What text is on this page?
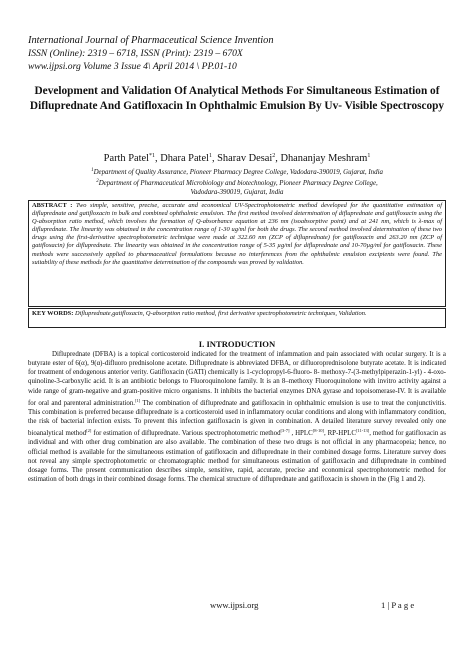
International Journal of Pharmaceutical Science Invention
ISSN (Online): 2319 – 6718, ISSN (Print): 2319 – 670X
www.ijpsi.org Volume 3 Issue 4\ April 2014 \ PP.01-10
Development and Validation Of Analytical Methods For Simultaneous Estimation of Difluprednate And Gatifloxacin In Ophthalmic Emulsion By Uv- Visible Spectroscopy
Parth Patel$^{*1}$, Dhara Patel$^1$, Sharav Desai$^2$, Dhananjay Meshram$^1$
$^1$Department of Quality Assurance, Pioneer Pharmacy Degree College, Vadodara-390019, Gujarat, India
$^2$Department of Pharmaceutical Microbiology and biotechnology, Pioneer Pharmacy Degree College,
Vadodara-390019, Gujarat, India
ABSTRACT : Two simple, sensitive, precise, accurate and economical UV-Spectrophotometric method developed for the quantitative estimation of difluprednate and gatifloxacin in bulk and combined ophthalmic emulsion. The first method involved determination of difluprednate and gatifloxacin using the Q-absorption ratio method, which involves the formation of Q-absorbance equation at 236 nm (isoabsorptive point) and at 241 nm, which is λ-max of difluprednate. The linearity was obtained in the concentration range of 1-30 ug/ml for both the drugs. The second method involved determination of these two drugs using the first-derivative spectrophotometric technique were made at 322.60 nm (ZCP of difluprednate) for gatifloxacin and 263.20 nm (ZCP of gatifloxacin) for difluprednate. The linearity was obtained in the concentration range of 5-35 µg/ml for difluprednate and 10-70µg/ml for gatifloxacin. These methods were successively applied to pharmaceutical formulations because no interferences from the ophthalmic emulsion excipients were found. The suitability of these methods for the quantitative determination of the compounds was proved by validation.
KEY WORDS: Difluprednate,gatifloxacin, Q-absorption ratio method, first derivative spectrophotometric techniques, Validation.
I. INTRODUCTION
Difluprednate (DFBA) is a topical corticosteroid indicated for the treatment of infammation and pain associated with ocular surgery. It is a butyrate ester of 6(α), 9(α)-difluoro prednisolone acetate. Difluprednate is abbreviated DFBA, or difluoroprednisolone butyrate acetate. It is indicated for treatment of endogenous anterior verity. Gatifloxacin (GATI) chemically is 1-cyclopropyl-6-fluoro- 8- methoxy-7-(3-methylpiperazin-1-yl) - 4-oxo-quinoline-3-carboxylic acid. It is an antibiotic belongs to Fluoroquinolone family. It is an 8–methoxy Fluoroquinolone with invitro activity against a wide range of gram-negative and gram-positive micro organisms. It inhibits the bacterial enzymes DNA gyrase and topoisomerase-IV. It is available for oral and parenteral administration.[1] The combination of difluprednate and gatifloxacin in ophthalmic emulsion is use to treat the conjunctivitis. This combination is preferred because difluprednate is a corticosteroid used in inflammatory ocular conditions and along with inflammatory condition, the risk of bacterial infection exists. To prevent this infection gatifloxacin is given in combination. A detailed literature survey revealed only one bioanalytical method[2] for estimation of difluprednate. Various spectrophotometric method[3-7] , HPLC[8-10], RP-HPLC[11-13], method for gatifloxacin as individual and with other drug combination are also available. The combination of these two drugs is not official in any pharmacopeia; hence, no official method is available for the simultaneous estimation of gatifloxacin and difluprednate in their combined dosage forms. Literature survey does not reveal any simple spectrophotometric or chromatographic method for simultaneous estimation of gatifloxacin and difluprednate in combined dosage forms. The present communication describes simple, sensitive, rapid, accurate, precise and economical spectrophotometric method for estimation of both drugs in their combined dosage forms. The chemical structure of difluprednate and gatifloxacin is shown in the (Fig 1 and 2).
www.ijpsi.org	1 | P a g e
